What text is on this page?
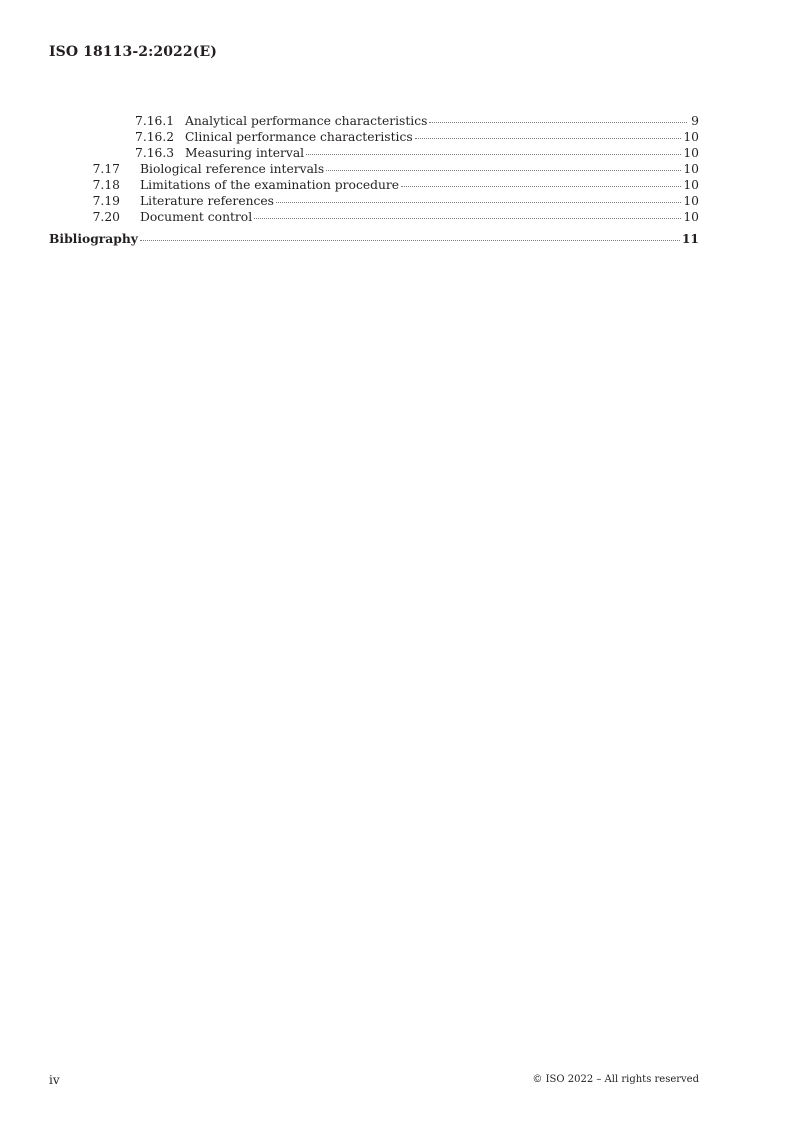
ISO 18113-2:2022(E)
7.16.1 Analytical performance characteristics	9
7.16.2 Clinical performance characteristics	10
7.16.3 Measuring interval	10
7.17	Biological reference intervals	10
7.18	Limitations of the examination procedure	10
7.19	Literature references	10
7.20	Document control	10
Bibliography	11
iv	© ISO 2022 – All rights reserved
